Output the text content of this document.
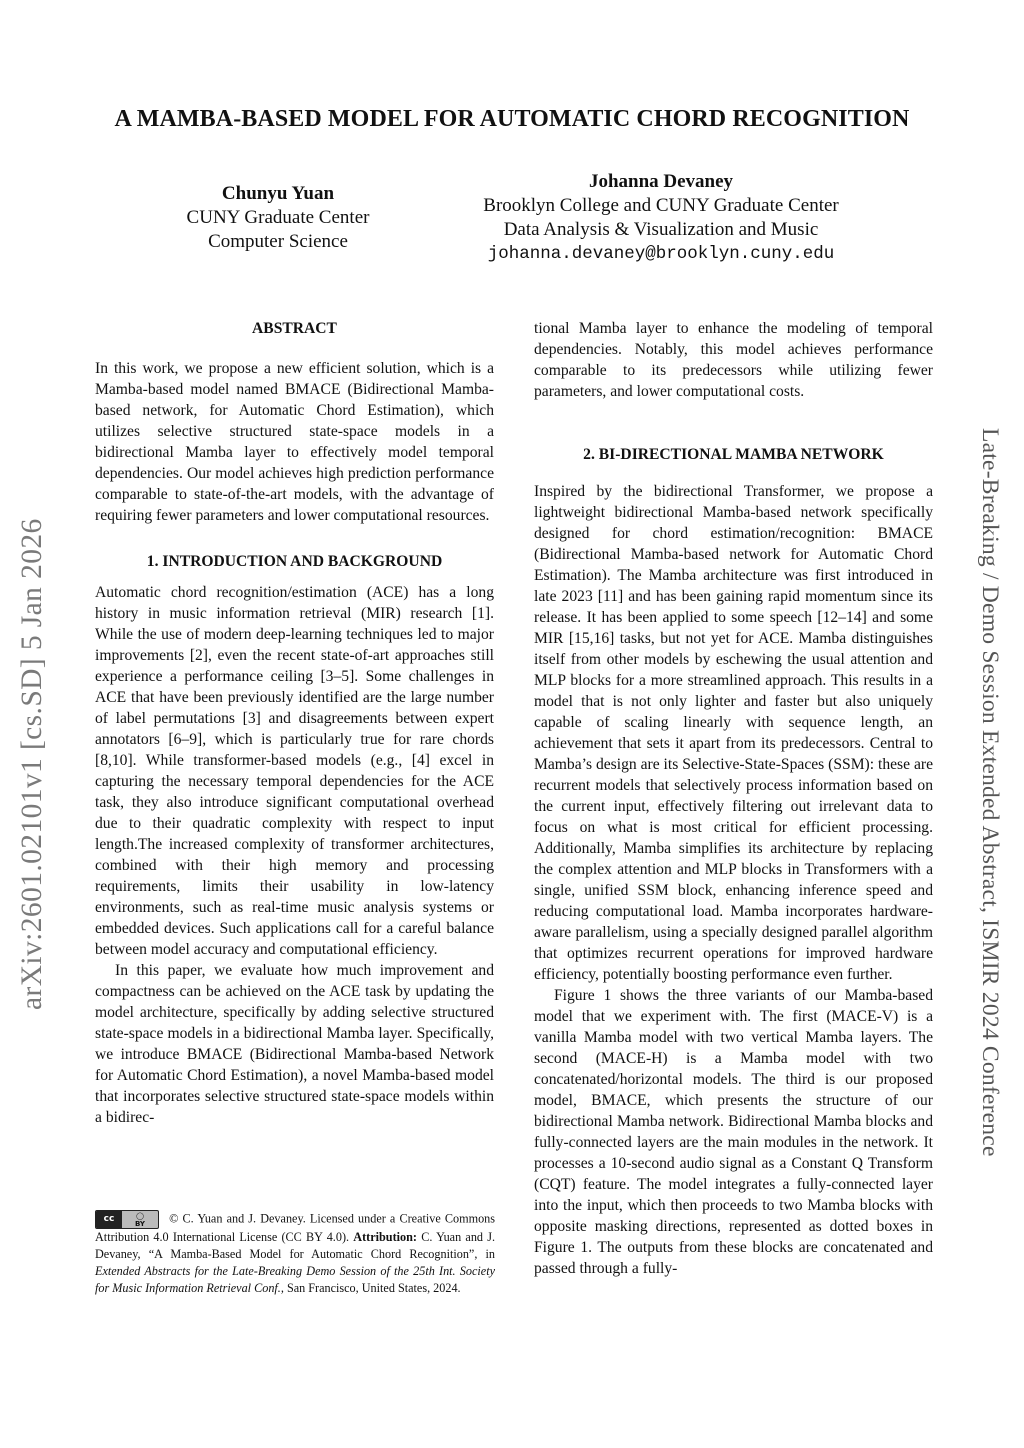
A MAMBA-BASED MODEL FOR AUTOMATIC CHORD RECOGNITION
Chunyu Yuan
CUNY Graduate Center
Computer Science
Johanna Devaney
Brooklyn College and CUNY Graduate Center
Data Analysis & Visualization and Music
johanna.devaney@brooklyn.cuny.edu
arXiv:2601.02101v1 [cs.SD] 5 Jan 2026	Late-Breaking / Demo Session Extended Abstract, ISMIR 2024 Conference

ABSTRACT

In this work, we propose a new efficient solution, which is a Mamba-based model named BMACE (Bidirectional Mamba-based network, for Automatic Chord Estimation), which utilizes selective structured state-space models in a bidirectional Mamba layer to effectively model temporal dependencies. Our model achieves high prediction performance comparable to state-of-the-art models, with the advantage of requiring fewer parameters and lower computational resources.

1. INTRODUCTION AND BACKGROUND

Automatic chord recognition/estimation (ACE) has a long history in music information retrieval (MIR) research [1]. While the use of modern deep-learning techniques led to major improvements [2], even the recent state-of-art approaches still experience a performance ceiling [3–5]. Some challenges in ACE that have been previously identified are the large number of label permutations [3] and disagreements between expert annotators [6–9], which is particularly true for rare chords [8,10]. While transformer-based models (e.g., [4] excel in capturing the necessary temporal dependencies for the ACE task, they also introduce significant computational overhead due to their quadratic complexity with respect to input length.The increased complexity of transformer architectures, combined with their high memory and processing requirements, limits their usability in low-latency environments, such as real-time music analysis systems or embedded devices. Such applications call for a careful balance between model accuracy and computational efficiency.

In this paper, we evaluate how much improvement and compactness can be achieved on the ACE task by updating the model architecture, specifically by adding selective structured state-space models in a bidirectional Mamba layer. Specifically, we introduce BMACE (Bidirectional Mamba-based Network for Automatic Chord Estimation), a novel Mamba-based model that incorporates selective structured state-space models within a bidirec-

tional Mamba layer to enhance the modeling of temporal dependencies. Notably, this model achieves performance comparable to its predecessors while utilizing fewer parameters, and lower computational costs.

2. BI-DIRECTIONAL MAMBA NETWORK

Inspired by the bidirectional Transformer, we propose a lightweight bidirectional Mamba-based network specifically designed for chord estimation/recognition: BMACE (Bidirectional Mamba-based network for Automatic Chord Estimation). The Mamba architecture was first introduced in late 2023 [11] and has been gaining rapid momentum since its release. It has been applied to some speech [12–14] and some MIR [15,16] tasks, but not yet for ACE. Mamba distinguishes itself from other models by eschewing the usual attention and MLP blocks for a more streamlined approach. This results in a model that is not only lighter and faster but also uniquely capable of scaling linearly with sequence length, an achievement that sets it apart from its predecessors. Central to Mamba’s design are its Selective-State-Spaces (SSM): these are recurrent models that selectively process information based on the current input, effectively filtering out irrelevant data to focus on what is most critical for efficient processing. Additionally, Mamba simplifies its architecture by replacing the complex attention and MLP blocks in Transformers with a single, unified SSM block, enhancing inference speed and reducing computational load. Mamba incorporates hardware-aware parallelism, using a specially designed parallel algorithm that optimizes recurrent operations for improved hardware efficiency, potentially boosting performance even further.

Figure 1 shows the three variants of our Mamba-based model that we experiment with. The first (MACE-V) is a vanilla Mamba model with two vertical Mamba layers. The second (MACE-H) is a Mamba model with two concatenated/horizontal models. The third is our proposed model, BMACE, which presents the structure of our bidirectional Mamba network. Bidirectional Mamba blocks and fully-connected layers are the main modules in the network. It processes a 10-second audio signal as a Constant Q Transform (CQT) feature. The model integrates a fully-connected layer into the input, which then proceeds to two Mamba blocks with opposite masking directions, represented as dotted boxes in Figure 1. The outputs from these blocks are concatenated and passed through a fully-

cc	◯
BY © C. Yuan and J. Devaney. Licensed under a Creative Commons Attribution 4.0 International License (CC BY 4.0). Attribution: C. Yuan and J. Devaney, “A Mamba-Based Model for Automatic Chord Recognition”, in Extended Abstracts for the Late-Breaking Demo Session of the 25th Int. Society for Music Information Retrieval Conf., San Francisco, United States, 2024.
